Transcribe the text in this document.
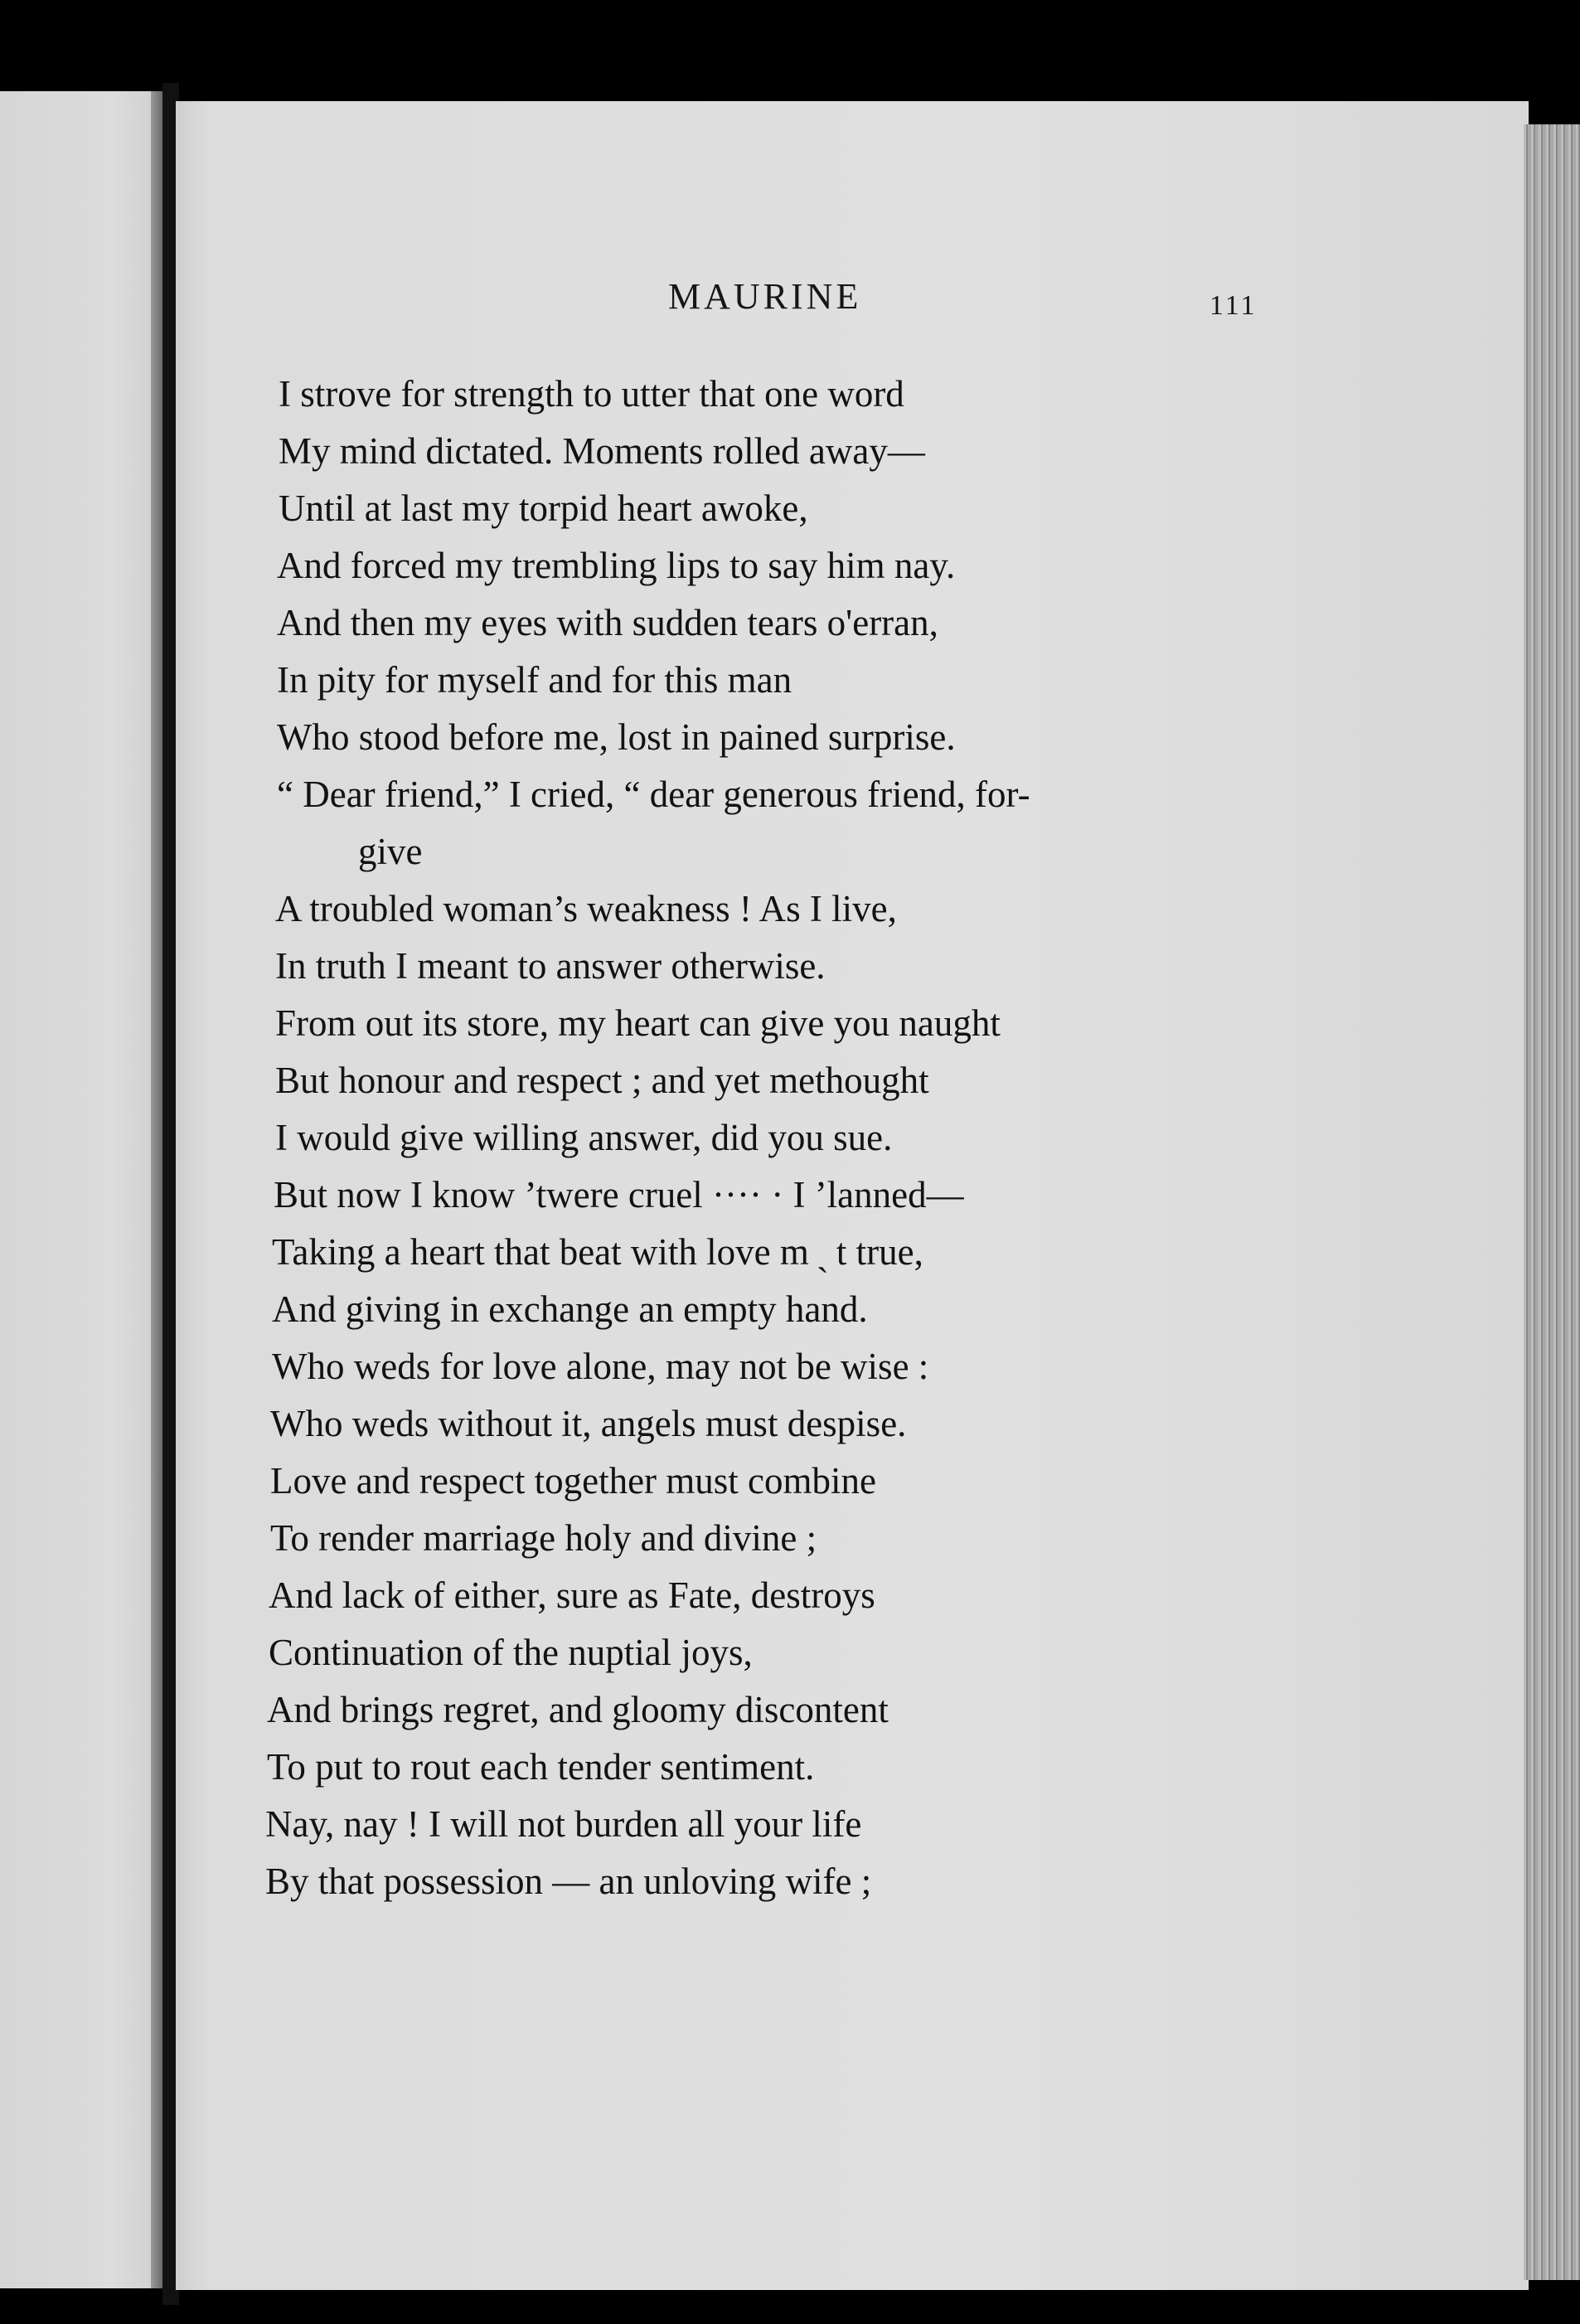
MAURINE	111
I strove for strength to utter that one word
My mind dictated. Moments rolled away—
Until at last my torpid heart awoke,
And forced my trembling lips to say him nay.
And then my eyes with sudden tears o'erran,
In pity for myself and for this man
Who stood before me, lost in pained surprise.
“ Dear friend,” I cried, “ dear generous friend, for-
give
A troubled woman’s weakness ! As I live,
In truth I meant to answer otherwise.
From out its store, my heart can give you naught
But honour and respect ; and yet methought
I would give willing answer, did you sue.
But now I know ’twere cruel ···· · I ʼlanned—
Taking a heart that beat with love m ˎ t true,
And giving in exchange an empty hand.
Who weds for love alone, may not be wise :
Who weds without it, angels must despise.
Love and respect together must combine
To render marriage holy and divine ;
And lack of either, sure as Fate, destroys
Continuation of the nuptial joys,
And brings regret, and gloomy discontent
To put to rout each tender sentiment.
Nay, nay ! I will not burden all your life
By that possession — an unloving wife ;
